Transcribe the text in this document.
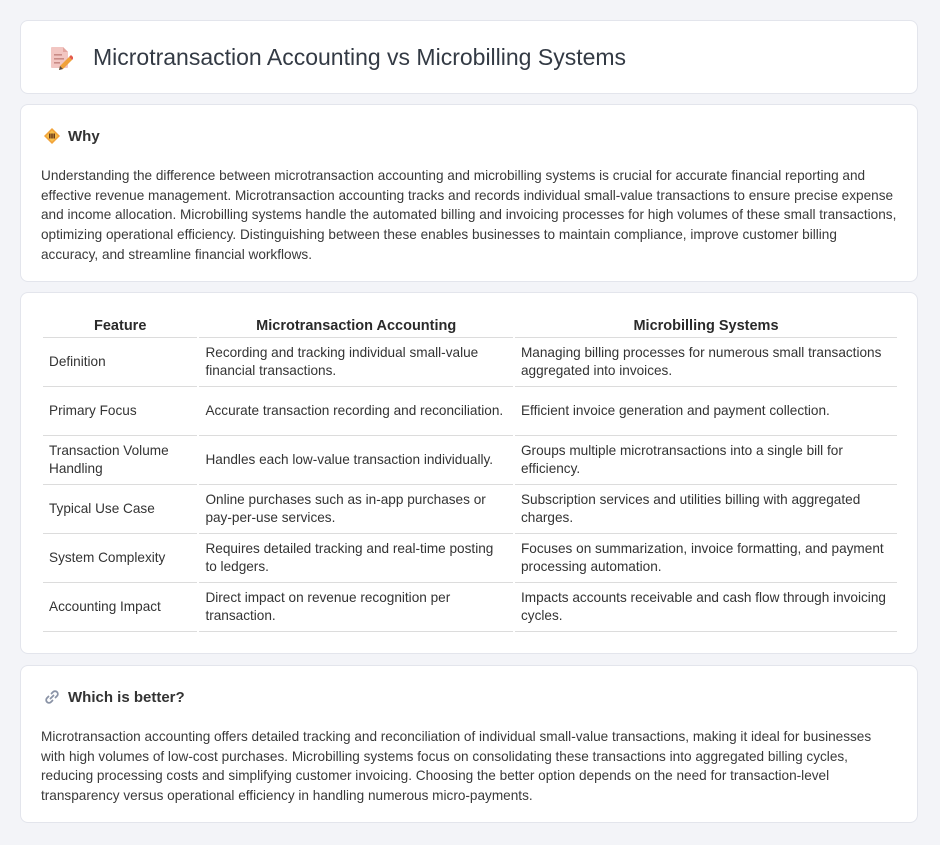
Microtransaction Accounting vs Microbilling Systems
Why

Understanding the difference between microtransaction accounting and microbilling systems is crucial for accurate financial reporting and effective revenue management. Microtransaction accounting tracks and records individual small-value transactions to ensure precise expense and income allocation. Microbilling systems handle the automated billing and invoicing processes for high volumes of these small transactions, optimizing operational efficiency. Distinguishing between these enables businesses to maintain compliance, improve customer billing accuracy, and streamline financial workflows.

Feature	Microtransaction Accounting	Microbilling Systems
Definition	Recording and tracking individual small-value financial transactions.	Managing billing processes for numerous small transactions aggregated into invoices.
Primary Focus	Accurate transaction recording and reconciliation.	Efficient invoice generation and payment collection.
Transaction Volume Handling	Handles each low-value transaction individually.	Groups multiple microtransactions into a single bill for efficiency.
Typical Use Case	Online purchases such as in-app purchases or pay-per-use services.	Subscription services and utilities billing with aggregated charges.
System Complexity	Requires detailed tracking and real-time posting to ledgers.	Focuses on summarization, invoice formatting, and payment processing automation.
Accounting Impact	Direct impact on revenue recognition per transaction.	Impacts accounts receivable and cash flow through invoicing cycles.
Which is better?

Microtransaction accounting offers detailed tracking and reconciliation of individual small-value transactions, making it ideal for businesses with high volumes of low-cost purchases. Microbilling systems focus on consolidating these transactions into aggregated billing cycles, reducing processing costs and simplifying customer invoicing. Choosing the better option depends on the need for transaction-level transparency versus operational efficiency in handling numerous micro-payments.
